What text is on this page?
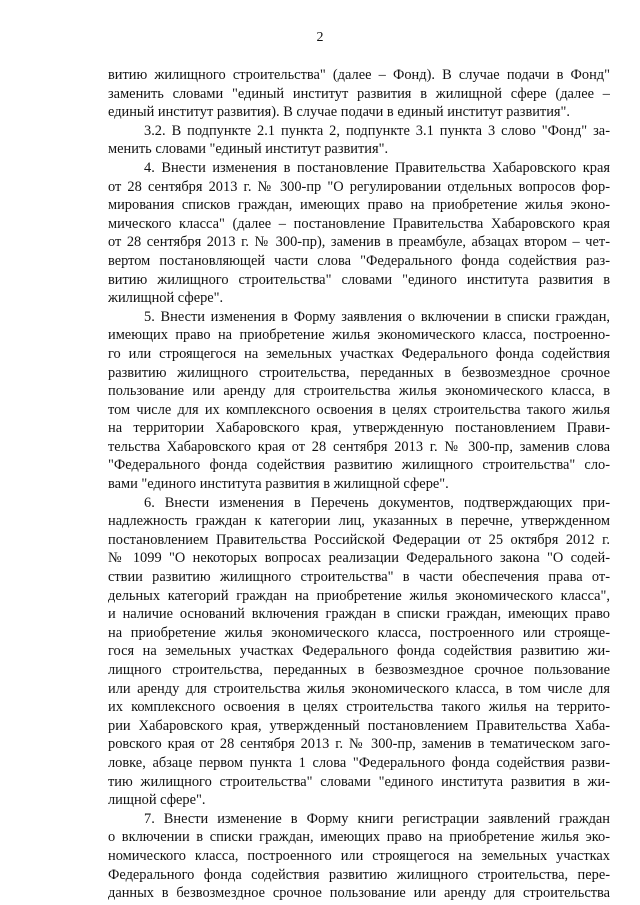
2
витию жилищного строительства" (далее – Фонд). В случае подачи в Фонд"
заменить словами "единый институт развития в жилищной сфере (далее –
единый институт развития). В случае подачи в единый институт развития".
3.2. В подпункте 2.1 пункта 2, подпункте 3.1 пункта 3 слово "Фонд" за-
менить словами "единый институт развития".
4. Внести изменения в постановление Правительства Хабаровского края
от 28 сентября 2013 г. № 300-пр "О регулировании отдельных вопросов фор-
мирования списков граждан, имеющих право на приобретение жилья эконо-
мического класса" (далее – постановление Правительства Хабаровского края
от 28 сентября 2013 г. № 300-пр), заменив в преамбуле, абзацах втором – чет-
вертом постановляющей части слова "Федерального фонда содействия раз-
витию жилищного строительства" словами "единого института развития в
жилищной сфере".
5. Внести изменения в Форму заявления о включении в списки граждан,
имеющих право на приобретение жилья экономического класса, построенно-
го или строящегося на земельных участках Федерального фонда содействия
развитию жилищного строительства, переданных в безвозмездное срочное
пользование или аренду для строительства жилья экономического класса, в
том числе для их комплексного освоения в целях строительства такого жилья
на территории Хабаровского края, утвержденную постановлением Прави-
тельства Хабаровского края от 28 сентября 2013 г. № 300-пр, заменив слова
"Федерального фонда содействия развитию жилищного строительства" сло-
вами "единого института развития в жилищной сфере".
6. Внести изменения в Перечень документов, подтверждающих при-
надлежность граждан к категории лиц, указанных в перечне, утвержденном
постановлением Правительства Российской Федерации от 25 октября 2012 г.
№ 1099 "О некоторых вопросах реализации Федерального закона "О содей-
ствии развитию жилищного строительства" в части обеспечения права от-
дельных категорий граждан на приобретение жилья экономического класса",
и наличие оснований включения граждан в списки граждан, имеющих право
на приобретение жилья экономического класса, построенного или строяще-
гося на земельных участках Федерального фонда содействия развитию жи-
лищного строительства, переданных в безвозмездное срочное пользование
или аренду для строительства жилья экономического класса, в том числе для
их комплексного освоения в целях строительства такого жилья на террито-
рии Хабаровского края, утвержденный постановлением Правительства Хаба-
ровского края от 28 сентября 2013 г. № 300-пр, заменив в тематическом заго-
ловке, абзаце первом пункта 1 слова "Федерального фонда содействия разви-
тию жилищного строительства" словами "единого института развития в жи-
лищной сфере".
7. Внести изменение в Форму книги регистрации заявлений граждан
о включении в списки граждан, имеющих право на приобретение жилья эко-
номического класса, построенного или строящегося на земельных участках
Федерального фонда содействия развитию жилищного строительства, пере-
данных в безвозмездное срочное пользование или аренду для строительства
